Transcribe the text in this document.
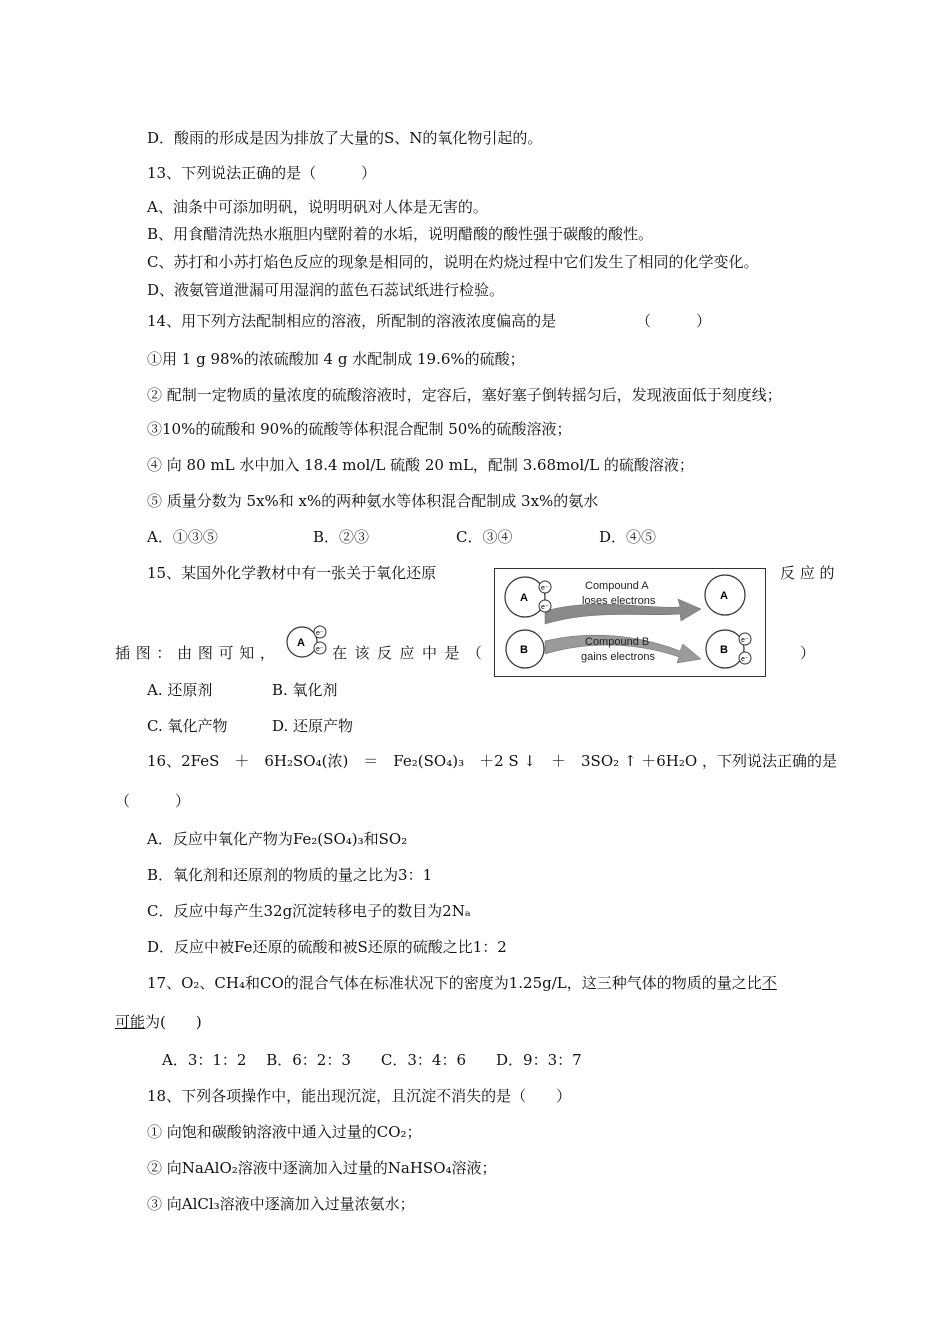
D．酸雨的形成是因为排放了大量的S、N的氧化物引起的。
13、下列说法正确的是（　　　）
A、油条中可添加明矾，说明明矾对人体是无害的。
B、用食醋清洗热水瓶胆内壁附着的水垢，说明醋酸的酸性强于碳酸的酸性。
C、苏打和小苏打焰色反应的现象是相同的，说明在灼烧过程中它们发生了相同的化学变化。
D、液氨管道泄漏可用湿润的蓝色石蕊试纸进行检验。
14、用下列方法配制相应的溶液，所配制的溶液浓度偏高的是	（　　　）
①用 1 g 98%的浓硫酸加 4 g 水配制成 19.6%的硫酸；
② 配制一定物质的量浓度的硫酸溶液时，定容后，塞好塞子倒转摇匀后，发现液面低于刻度线；
③10%的硫酸和 90%的硫酸等体积混合配制 50%的硫酸溶液；
④ 向 80 mL 水中加入 18.4 mol/L 硫酸 20 mL，配制 3.68mol/L 的硫酸溶液；
⑤ 质量分数为 5x%和 x%的两种氨水等体积混合配制成 3x%的氨水
A．①③⑤	B．②③	C．③④	D．④⑤
15、某国外化学教材中有一张关于氧化还原	反 应 的
插 图 ： 由 图 可 知 ，
A
e⁻
e⁻ 在 该 反 应 中 是 （	）
A
e⁻
e⁻
B
A
B
e⁻
e⁻
Compound A
loses electrons
Compound B
gains electrons
A. 还原剂	B. 氧化剂
C. 氧化产物	D. 还原产物
16、2FeS　＋　6H₂SO₄(浓)　＝　Fe₂(SO₄)₃　＋2 S ↓　＋　3SO₂ ↑ ＋6H₂O ，下列说法正确的是
（　　　）
A．反应中氧化产物为Fe₂(SO₄)₃和SO₂
B．氧化剂和还原剂的物质的量之比为3：1
C．反应中每产生32g沉淀转移电子的数目为2Nₐ
D．反应中被Fe还原的硫酸和被S还原的硫酸之比1：2
17、O₂、CH₄和CO的混合气体在标准状况下的密度为1.25g/L，这三种气体的物质的量之比不
可能为(　　)
A．3：1：2　 B．6：2：3　　C．3：4：6　　D．9：3：7
18、下列各项操作中，能出现沉淀，且沉淀不消失的是（　　）
① 向饱和碳酸钠溶液中通入过量的CO₂；
② 向NaAlO₂溶液中逐滴加入过量的NaHSO₄溶液；
③ 向AlCl₃溶液中逐滴加入过量浓氨水；
